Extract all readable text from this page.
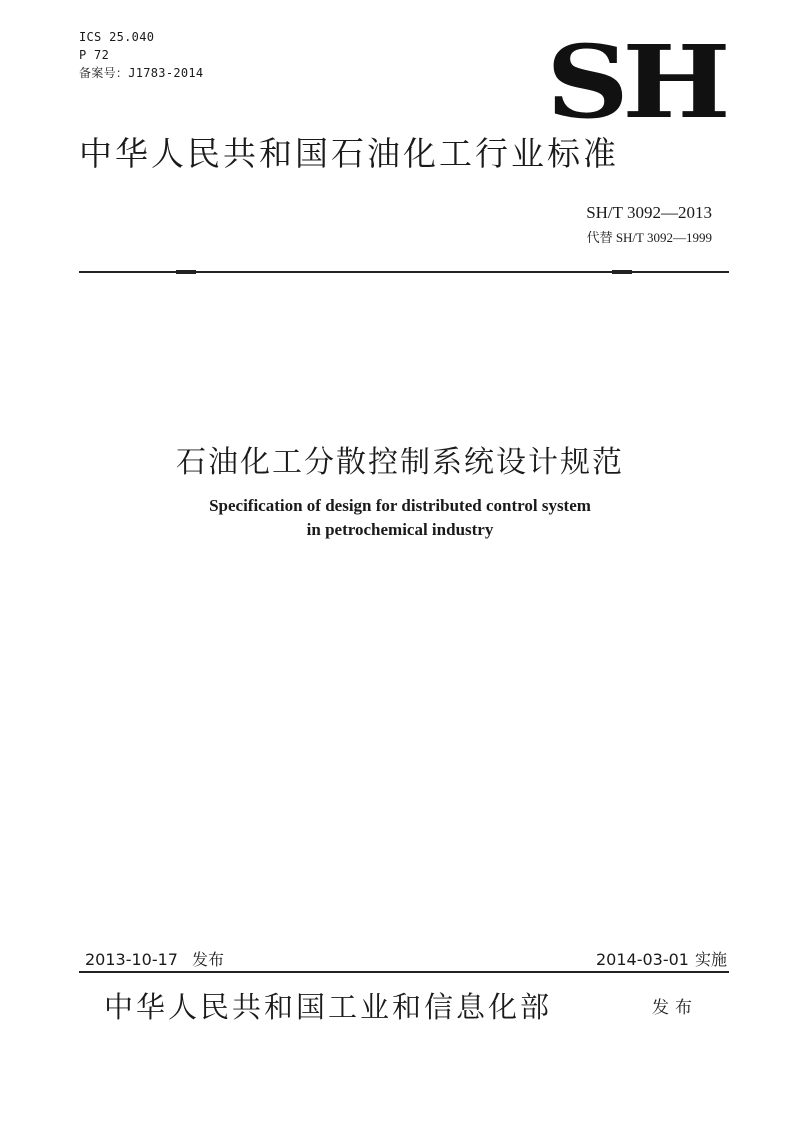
ICS 25.040
P 72
备案号：J1783-2014	SH
中华人民共和国石油化工行业标准
SH/T 3092—2013
代替 SH/T 3092—1999
石油化工分散控制系统设计规范
Specification of design for distributed control system
in petrochemical industry
2013-10-17 发布	2014-03-01 实施
中华人民共和国工业和信息化部	发布
